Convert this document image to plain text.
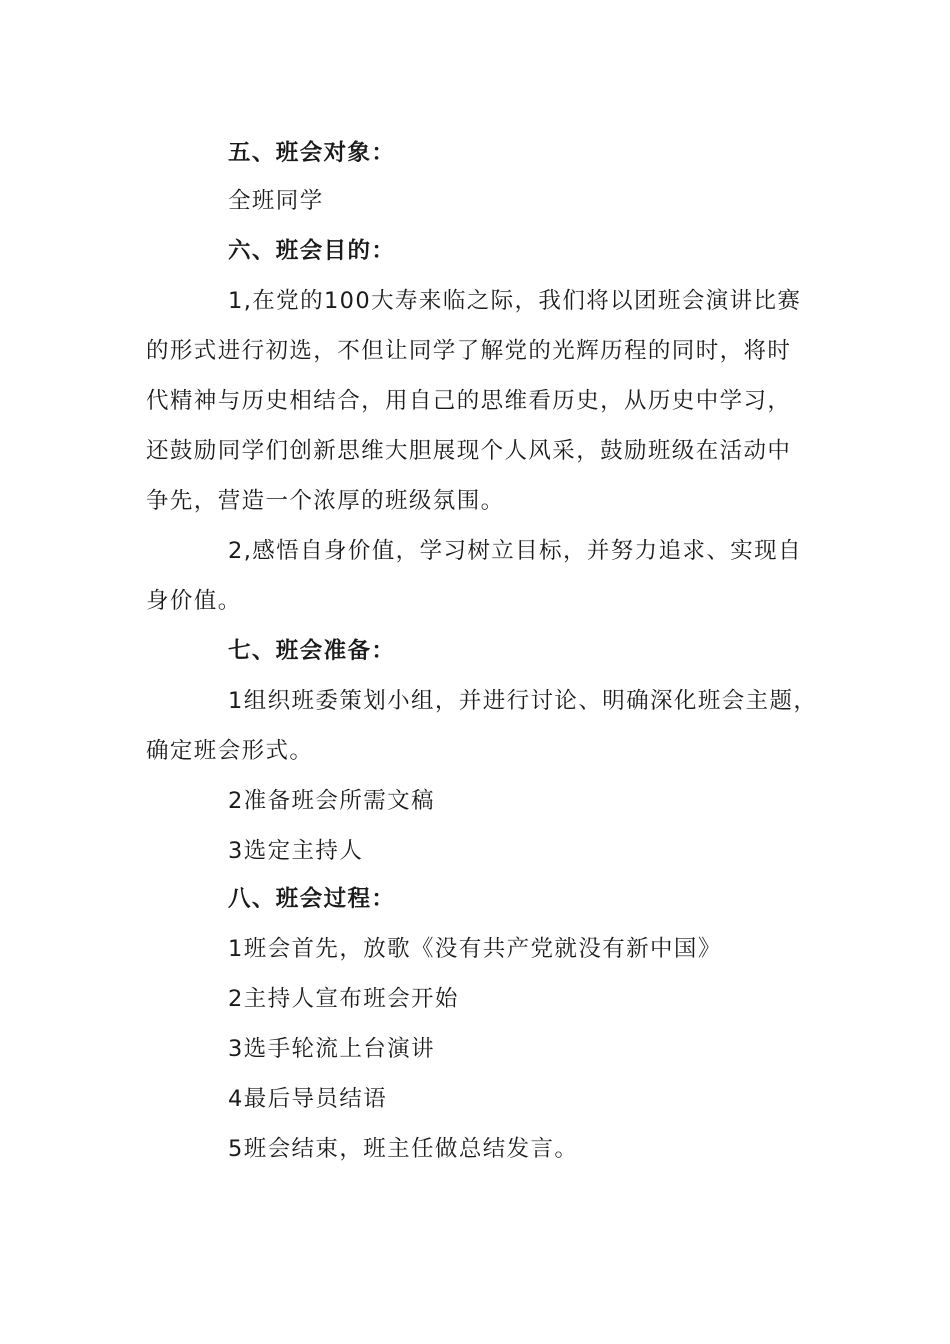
五、班会对象：

全班同学

六、班会目的：

1,在党的100大寿来临之际，我们将以团班会演讲比赛

的形式进行初选，不但让同学了解党的光辉历程的同时，将时

代精神与历史相结合，用自己的思维看历史，从历史中学习，

还鼓励同学们创新思维大胆展现个人风采，鼓励班级在活动中

争先，营造一个浓厚的班级氛围。

2,感悟自身价值，学习树立目标，并努力追求、实现自

身价值。

七、班会准备：

1组织班委策划小组，并进行讨论、明确深化班会主题，

确定班会形式。

2准备班会所需文稿

3选定主持人

八、班会过程：

1班会首先，放歌《没有共产党就没有新中国》

2主持人宣布班会开始

3选手轮流上台演讲

4最后导员结语

5班会结束，班主任做总结发言。
